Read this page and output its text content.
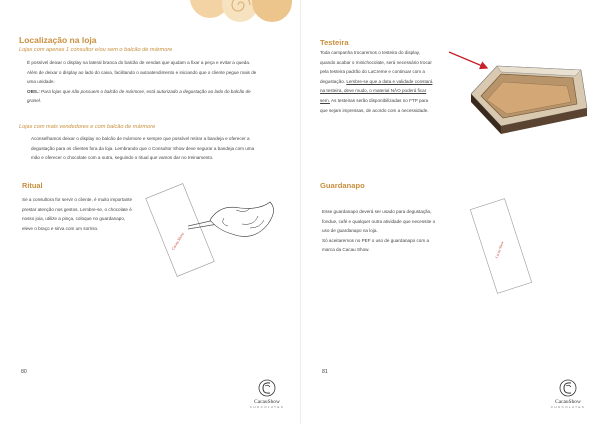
Localização na loja
Lojas com apenas 1 consultor e/ou sem o balcão de mármore

É possível deixar o display na lateral branca do balcão de vendas que ajudam a fixar a peça e evitar a queda. Além de deixar o display ao lado do caixa, facilitando o autoatendimento e iniciando que o cliente pegue mais de uma unidade.
OBS.: Para lojas que não possuem o balcão de mármore, está autorizado a degustação ao lado do balcão de granel.

Lojas com mais vendedores e com balcão de mármore

Aconselhamos deixar o display no balcão de mármore e sempre que possível retirar a bandeja e oferecer a degustação para os clientes fora da loja. Lembrando que o Consultor Show deve segurar a bandeja com uma mão e oferecer o chocolate com a outra, seguindo o ritual que vamos dar no treinamento.

Ritual

Se a consultora for servir o cliente, é muito importante prestar atenção nos gestos. Lembre-se, o chocolate é nosso joia, utilize a pinça, coloque no guardanapo, eleve o braço e sirva com um sorriso.

Cacau Show
80
CacauShow
CHOCOLATES
Testeira
Toda campanha trocaremos o testeira do display, quando acabar o minichocolate, será necessário trocar pela testeira padrão do LaCreme e continuar com a degustação. Lembre-se que a data e validade constará na testeira, deve mudo, o material NÃO poderá ficar sem. As testeiras serão disponibilizadas no FTP para que sejam impressas, de acordo com a necessidade.
Guardanapo
Esse guardanapo deverá ser usado para degustação, fondue, café e qualquer outra atividade que necessite o uso de guardanapo na loja.
Só aceitaremos no PEF o uso de guardanapo com a marca da Cacau Show.	Cacau Show
81
CacauShow
CHOCOLATES
